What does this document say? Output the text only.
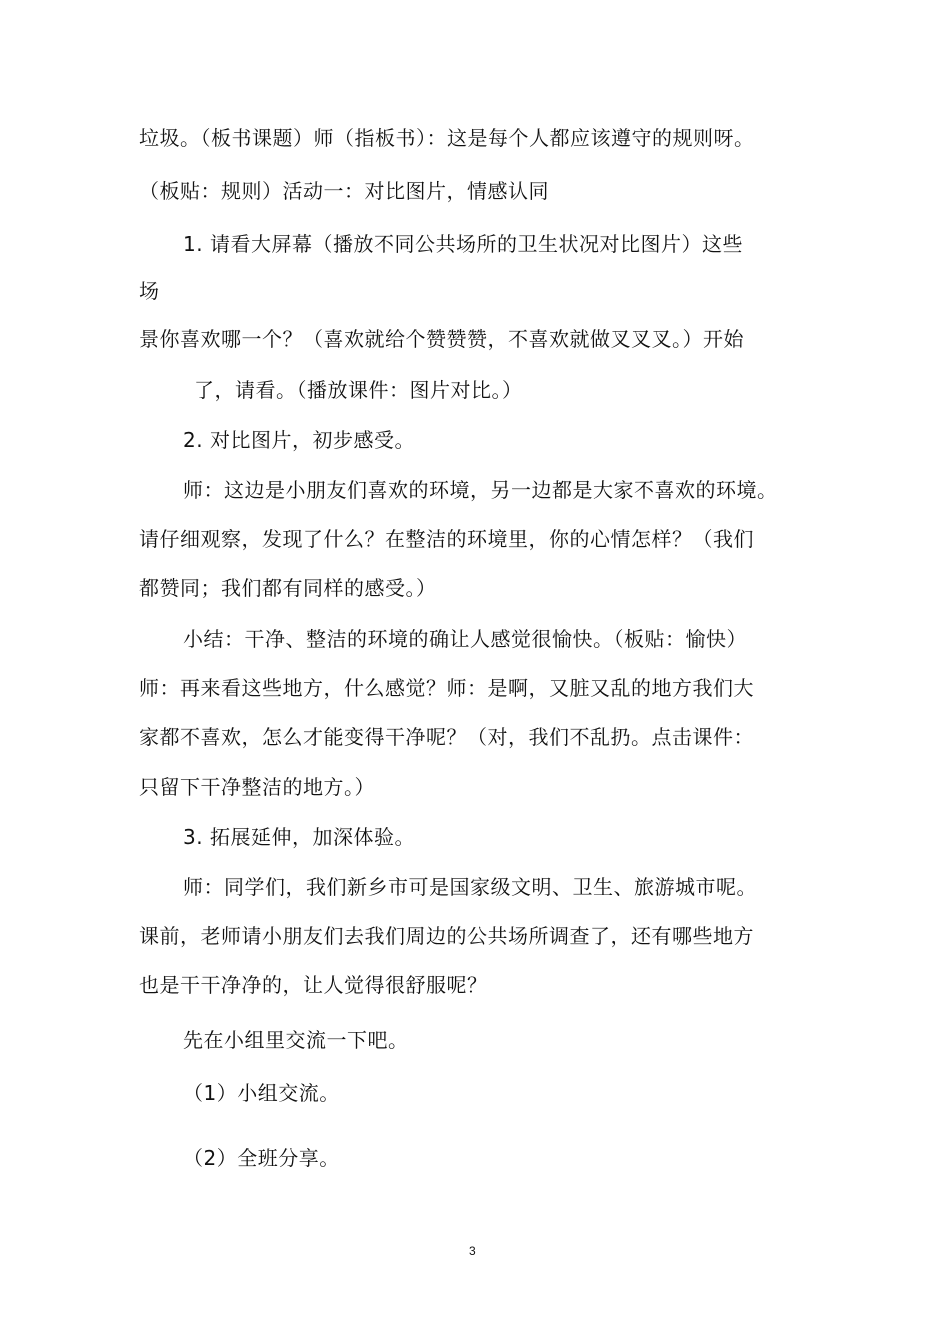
垃圾。（板书课题）师（指板书）：这是每个人都应该遵守的规则呀。
（板贴：规则）活动一：对比图片，情感认同
1. 请看大屏幕（播放不同公共场所的卫生状况对比图片）这些
场
景你喜欢哪一个？（喜欢就给个赞赞赞，不喜欢就做叉叉叉。）开始
了，请看。（播放课件：图片对比。）
2. 对比图片，初步感受。
师：这边是小朋友们喜欢的环境，另一边都是大家不喜欢的环境。
请仔细观察，发现了什么？在整洁的环境里，你的心情怎样？（我们
都赞同；我们都有同样的感受。）
小结：干净、整洁的环境的确让人感觉很愉快。（板贴：愉快）
师：再来看这些地方，什么感觉？师：是啊，又脏又乱的地方我们大
家都不喜欢，怎么才能变得干净呢？（对，我们不乱扔。点击课件：
只留下干净整洁的地方。）
3. 拓展延伸，加深体验。
师：同学们，我们新乡市可是国家级文明、卫生、旅游城市呢。
课前，老师请小朋友们去我们周边的公共场所调查了，还有哪些地方
也是干干净净的，让人觉得很舒服呢？
先在小组里交流一下吧。
（1）小组交流。
（2）全班分享。
3
